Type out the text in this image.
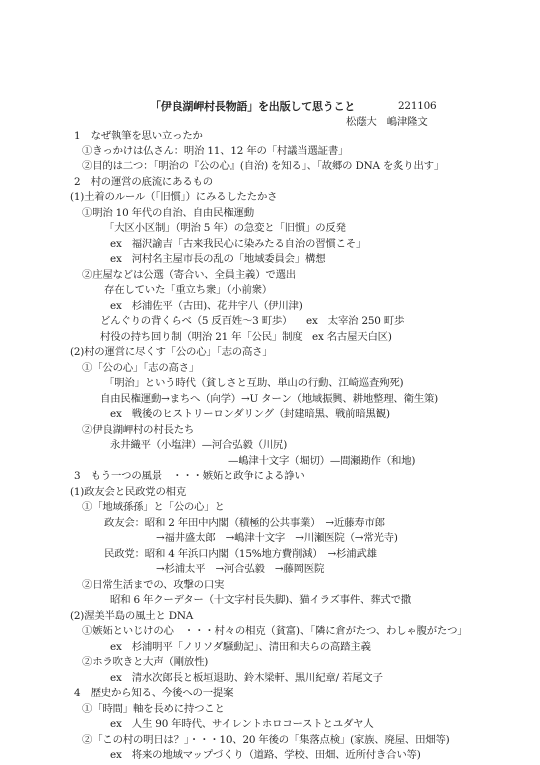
「伊良湖岬村長物語」を出版して思うこと	221106
松蔭大　嶋津隆文
1　なぜ執筆を思い立ったか
①きっかけは仏さん：明治 11、12 年の「村議当選証書」
②目的は二つ：「明治の『公の心』(自治) を知る」、「故郷の DNA を炙り出す」
2　村の運営の底流にあるもの
(1)土着のルール（「旧慣」）にみるしたたかさ
①明治 10 年代の自治、自由民権運動
「大区小区制」（明治 5 年）の急変と「旧慣」の反発
ex　福沢諭吉「古来我民心に染みたる自治の習慣こそ」
ex　河村名主屋市長の乱の「地域委員会」構想
②庄屋などは公選（寄合い、全員主義）で選出
存在していた「重立ち衆」（小前衆）
ex　杉浦佐平（古田)、花井宇八（伊川津)
どんぐりの背くらべ（5 反百姓〜3 町歩） ex　太宰治 250 町歩
村役の持ち回り制（明治 21 年「公民」制度 ex 名古屋天白区)
(2)村の運営に尽くす「公の心」「志の高さ」
①「公の心」「志の高さ」
「明治」という時代（貧しさと互助、単山の行動、江崎巡査殉死)
自由民権運動→まちへ（向学）→U ターン（地域振興、耕地整理、衛生策)
ex　戦後のヒストリーロンダリング（封建暗黒、戦前暗黒観)
②伊良湖岬村の村長たち
永井織平（小塩津）—河合弘毅（川尻)
—嶋津十文字（堀切）—間瀬勘作（和地)
3　もう一つの風景　・・・嫉妬と政争による諍い
(1)政友会と民政党の相克
①「地域孫孫」と「公の心」と
政友会：昭和 2 年田中内閣（積極的公共事業）　→近藤寿市郎
→福井盛太郎　→嶋津十文字　→川瀬医院（→常光寺)
民政党：昭和 4 年浜口内閣（15%地方費削減）　→杉浦武雄
→杉浦太平　→河合弘毅　→藤岡医院
②日常生活までの、攻撃の口実
昭和 6 年クーデター（十文字村長失脚)、猫イラズ事件、葬式で撒
(2)渥美半島の風土と DNA
①嫉妬といじけの心　・・・村々の相克（貧富)、「隣に倉がたつ、わしゃ腹がたつ」
ex　杉浦明平「ノリソダ騒動記」、清田和夫らの高踏主義
②ホラ吹きと大声（剛放性)
ex　清水次郎長と板垣退助、鈴木梁軒、黒川紀章/ 若尾文子
4　歴史から知る、今後への一提案
①「時間」軸を長めに持つこと
ex　人生 90 年時代、サイレントホロコーストとユダヤ人
②「この村の明日は？」・・・10、20 年後の「集落点検」(家族、廃屋、田畑等)
ex　将来の地域マップづくり（道路、学校、田畑、近所付き合い等)
